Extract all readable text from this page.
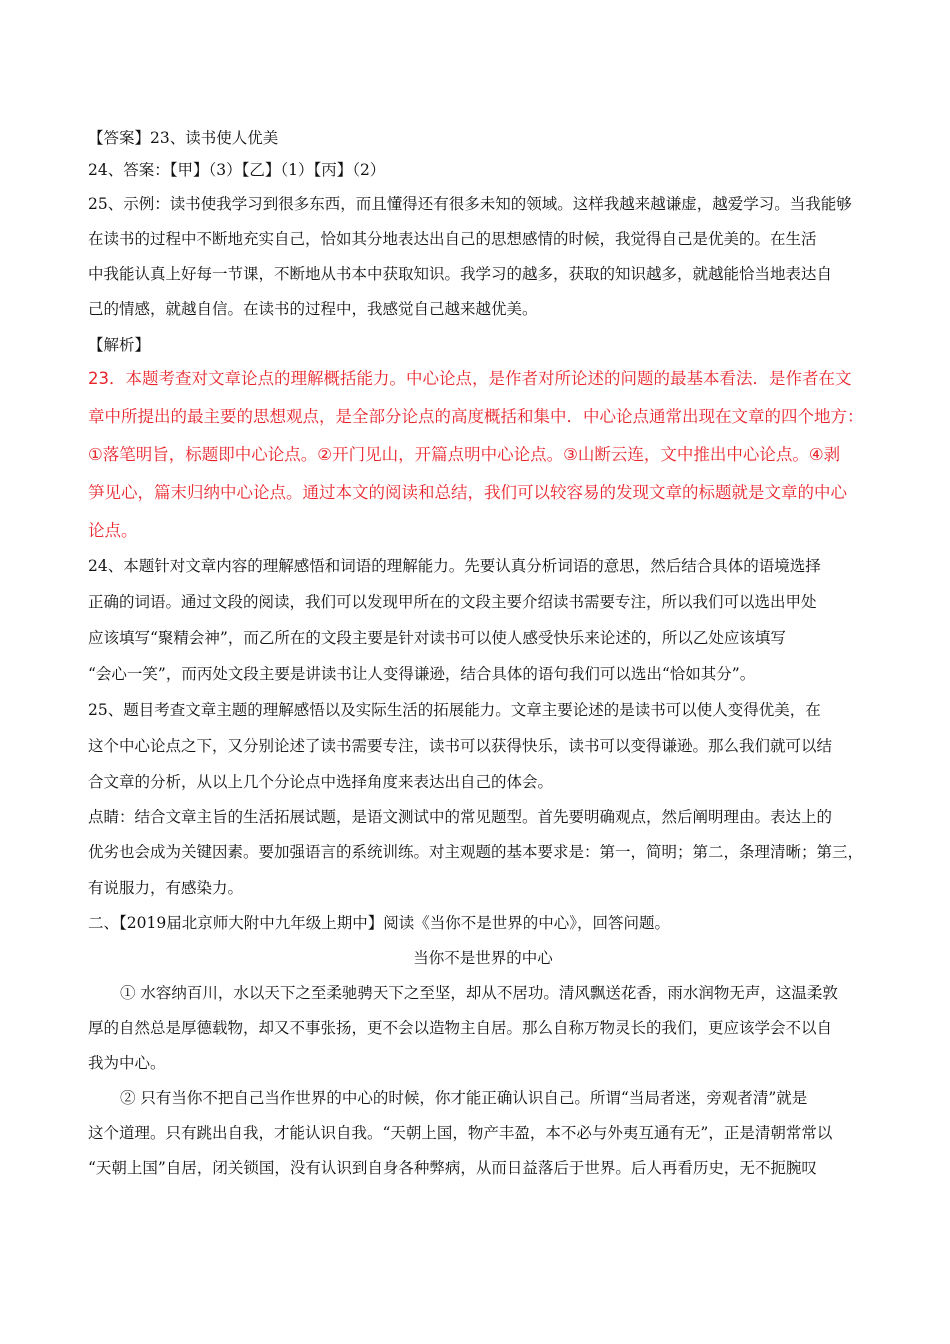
【答案】23、读书使人优美
24、答案：【甲】（3）【乙】（1）【丙】（2）
25、示例：读书使我学习到很多东西，而且懂得还有很多未知的领域。这样我越来越谦虚，越爱学习。当我能够
在读书的过程中不断地充实自己，恰如其分地表达出自己的思想感情的时候，我觉得自己是优美的。在生活
中我能认真上好每一节课，不断地从书本中获取知识。我学习的越多，获取的知识越多，就越能恰当地表达自
己的情感，就越自信。在读书的过程中，我感觉自己越来越优美。
【解析】
23．本题考查对文章论点的理解概括能力。中心论点，是作者对所论述的问题的最基本看法．是作者在文
章中所提出的最主要的思想观点，是全部分论点的高度概括和集中．中心论点通常出现在文章的四个地方：
①落笔明旨，标题即中心论点。②开门见山，开篇点明中心论点。③山断云连，文中推出中心论点。④剥
笋见心，篇末归纳中心论点。通过本文的阅读和总结，我们可以较容易的发现文章的标题就是文章的中心
论点。
24、本题针对文章内容的理解感悟和词语的理解能力。先要认真分析词语的意思，然后结合具体的语境选择
正确的词语。通过文段的阅读，我们可以发现甲所在的文段主要介绍读书需要专注，所以我们可以选出甲处
应该填写“聚精会神”，而乙所在的文段主要是针对读书可以使人感受快乐来论述的，所以乙处应该填写
“会心一笑”，而丙处文段主要是讲读书让人变得谦逊，结合具体的语句我们可以选出“恰如其分”。
25、题目考查文章主题的理解感悟以及实际生活的拓展能力。文章主要论述的是读书可以使人变得优美，在
这个中心论点之下，又分别论述了读书需要专注，读书可以获得快乐，读书可以变得谦逊。那么我们就可以结
合文章的分析，从以上几个分论点中选择角度来表达出自己的体会。
点睛：结合文章主旨的生活拓展试题，是语文测试中的常见题型。首先要明确观点，然后阐明理由。表达上的
优劣也会成为关键因素。要加强语言的系统训练。对主观题的基本要求是：第一，简明；第二，条理清晰；第三，
有说服力，有感染力。
二、【2019届北京师大附中九年级上期中】阅读《当你不是世界的中心》，回答问题。
当你不是世界的中心
① 水容纳百川，水以天下之至柔驰骋天下之至坚，却从不居功。清风飘送花香，雨水润物无声，这温柔敦
厚的自然总是厚德载物，却又不事张扬，更不会以造物主自居。那么自称万物灵长的我们，更应该学会不以自
我为中心。
② 只有当你不把自己当作世界的中心的时候，你才能正确认识自己。所谓“当局者迷，旁观者清”就是
这个道理。只有跳出自我，才能认识自我。“天朝上国，物产丰盈，本不必与外夷互通有无”，正是清朝常常以
“天朝上国”自居，闭关锁国，没有认识到自身各种弊病，从而日益落后于世界。后人再看历史，无不扼腕叹
